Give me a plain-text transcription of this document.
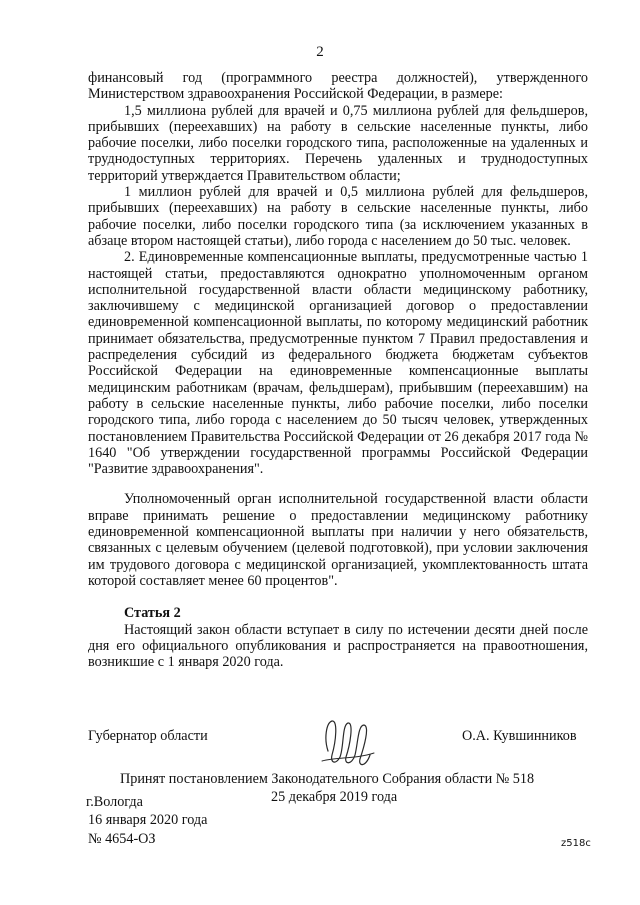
2

финансовый год (программного реестра должностей), утвержденного Министерством здравоохранения Российской Федерации, в размере:

1,5 миллиона рублей для врачей и 0,75 миллиона рублей для фельдшеров, прибывших (переехавших) на работу в сельские населенные пункты, либо рабочие поселки, либо поселки городского типа, расположенные на удаленных и труднодоступных территориях. Перечень удаленных и труднодоступных территорий утверждается Правительством области;

1 миллион рублей для врачей и 0,5 миллиона рублей для фельдшеров, прибывших (переехавших) на работу в сельские населенные пункты, либо рабочие поселки, либо поселки городского типа (за исключением указанных в абзаце втором настоящей статьи), либо города с населением до 50 тыс. человек.

2. Единовременные компенсационные выплаты, предусмотренные частью 1 настоящей статьи, предоставляются однократно уполномоченным органом исполнительной государственной власти области медицинскому работнику, заключившему с медицинской организацией договор о предоставлении единовременной компенсационной выплаты, по которому медицинский работник принимает обязательства, предусмотренные пунктом 7 Правил предоставления и распределения субсидий из федерального бюджета бюджетам субъектов Российской Федерации на единовременные компенсационные выплаты медицинским работникам (врачам, фельдшерам), прибывшим (переехавшим) на работу в сельские населенные пункты, либо рабочие поселки, либо поселки городского типа, либо города с населением до 50 тысяч человек, утвержденных постановлением Правительства Российской Федерации от 26 декабря 2017 года № 1640 "Об утверждении государственной программы Российской Федерации "Развитие здравоохранения".

Уполномоченный орган исполнительной государственной власти области вправе принимать решение о предоставлении медицинскому работнику единовременной компенсационной выплаты при наличии у него обязательств, связанных с целевым обучением (целевой подготовкой), при условии заключения им трудового договора с медицинской организацией, укомплектованность штата которой составляет менее 60 процентов".

Статья 2

Настоящий закон области вступает в силу по истечении десяти дней после дня его официального опубликования и распространяется на правоотношения, возникшие с 1 января 2020 года.

Губернатор области	О.А. Кувшинников
Принят постановлением Законодательного Собрания области № 518
25 декабря 2019 года
г.Вологда
16 января 2020 года
№ 4654-ОЗ	z518c
